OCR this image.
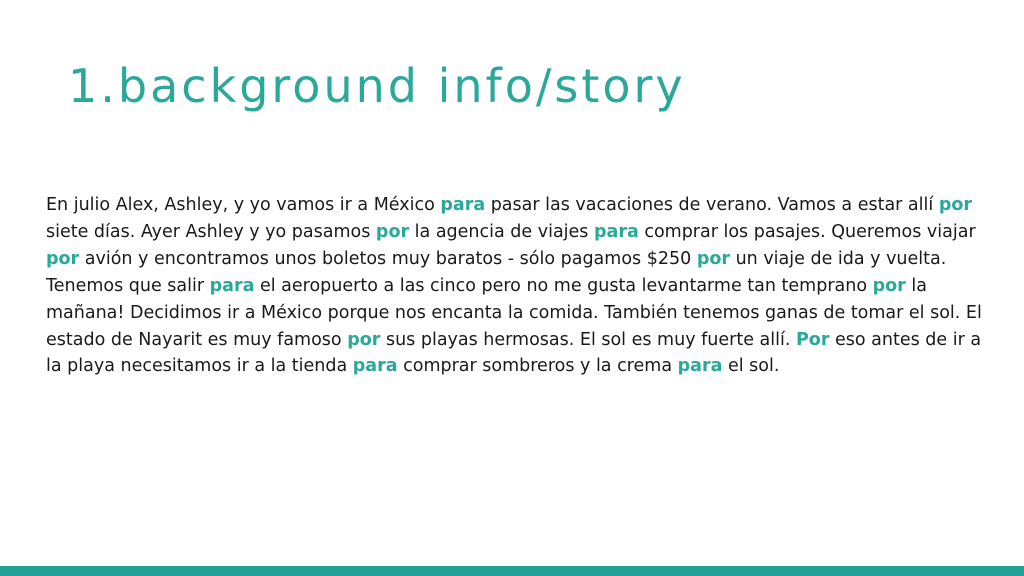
1.background info/story

En julio Alex, Ashley, y yo vamos ir a México para pasar las vacaciones de verano. Vamos a estar allí por siete días. Ayer Ashley y yo pasamos por la agencia de viajes para comprar los pasajes. Queremos viajar por avión y encontramos unos boletos muy baratos - sólo pagamos $250 por un viaje de ida y vuelta. Tenemos que salir para el aeropuerto a las cinco pero no me gusta levantarme tan temprano por la mañana! Decidimos ir a México porque nos encanta la comida. También tenemos ganas de tomar el sol. El estado de Nayarit es muy famoso por sus playas hermosas. El sol es muy fuerte allí. Por eso antes de ir a la playa necesitamos ir a la tienda para comprar sombreros y la crema para el sol.
